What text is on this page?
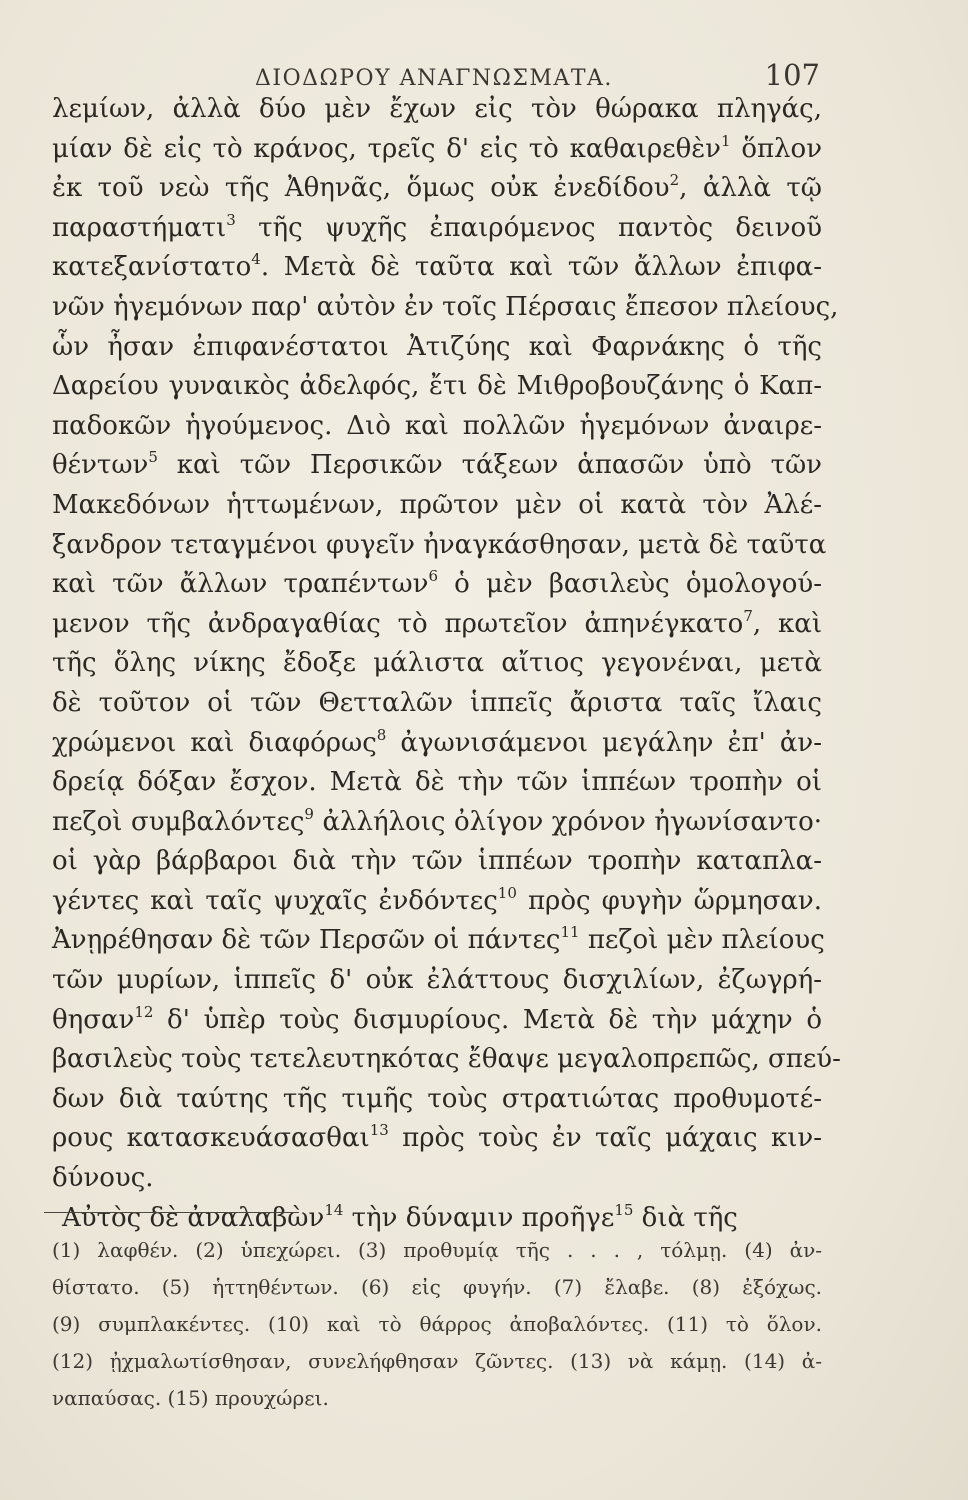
ΔΙΟΔΩΡΟΥ ΑΝΑΓΝΩΣΜΑΤΑ.	107
λεμίων, ἀλλὰ δύο μὲν ἔχων εἰς τὸν θώρακα πληγάς,
μίαν δὲ εἰς τὸ κράνος, τρεῖς δ' εἰς τὸ καθαιρεθὲν$^1$ ὅπλον
ἐκ τοῦ νεὼ τῆς Ἀθηνᾶς, ὅμως οὐκ ἐνεδίδου$^2$, ἀλλὰ τῷ
παραστήματι$^3$ τῆς ψυχῆς ἐπαιρόμενος παντὸς δεινοῦ
κατεξανίστατο$^4$. Μετὰ δὲ ταῦτα καὶ τῶν ἄλλων ἐπιφα-
νῶν ἡγεμόνων παρ' αὐτὸν ἐν τοῖς Πέρσαις ἔπεσον πλείους,
ὧν ἦσαν ἐπιφανέστατοι Ἀτιζύης καὶ Φαρνάκης ὁ τῆς
Δαρείου γυναικὸς ἀδελφός, ἔτι δὲ Μιθροβουζάνης ὁ Καπ-
παδοκῶν ἡγούμενος. Διὸ καὶ πολλῶν ἡγεμόνων ἀναιρε-
θέντων$^5$ καὶ τῶν Περσικῶν τάξεων ἁπασῶν ὑπὸ τῶν
Μακεδόνων ἡττωμένων, πρῶτον μὲν οἱ κατὰ τὸν Ἀλέ-
ξανδρον τεταγμένοι φυγεῖν ἠναγκάσθησαν, μετὰ δὲ ταῦτα
καὶ τῶν ἄλλων τραπέντων$^6$ ὁ μὲν βασιλεὺς ὁμολογού-
μενον τῆς ἀνδραγαθίας τὸ πρωτεῖον ἀπηνέγκατο$^7$, καὶ
τῆς ὅλης νίκης ἔδοξε μάλιστα αἴτιος γεγονέναι, μετὰ
δὲ τοῦτον οἱ τῶν Θετταλῶν ἱππεῖς ἄριστα ταῖς ἴλαις
χρώμενοι καὶ διαφόρως$^8$ ἀγωνισάμενοι μεγάλην ἐπ' ἀν-
δρείᾳ δόξαν ἔσχον. Μετὰ δὲ τὴν τῶν ἱππέων τροπὴν οἱ
πεζοὶ συμβαλόντες$^9$ ἀλλήλοις ὀλίγον χρόνον ἠγωνίσαντο·
οἱ γὰρ βάρβαροι διὰ τὴν τῶν ἱππέων τροπὴν καταπλα-
γέντες καὶ ταῖς ψυχαῖς ἐνδόντες$^{10}$ πρὸς φυγὴν ὥρμησαν.
Ἀνῃρέθησαν δὲ τῶν Περσῶν οἱ πάντες$^{11}$ πεζοὶ μὲν πλείους
τῶν μυρίων, ἱππεῖς δ' οὐκ ἐλάττους δισχιλίων, ἐζωγρή-
θησαν$^{12}$ δ' ὑπὲρ τοὺς δισμυρίους. Μετὰ δὲ τὴν μάχην ὁ
βασιλεὺς τοὺς τετελευτηκότας ἔθαψε μεγαλοπρεπῶς, σπεύ-
δων διὰ ταύτης τῆς τιμῆς τοὺς στρατιώτας προθυμοτέ-
ρους κατασκευάσασθαι$^{13}$ πρὸς τοὺς ἐν ταῖς μάχαις κιν-
δύνους.
Αὐτὸς δὲ ἀναλαβὼν$^{14}$ τὴν δύναμιν προῆγε$^{15}$ διὰ τῆς
(1) λαφθέν. (2) ὑπεχώρει. (3) προθυμίᾳ τῆς . . . , τόλμῃ. (4) ἀν-
θίστατο. (5) ἡττηθέντων. (6) εἰς φυγήν. (7) ἔλαβε. (8) ἐξόχως.
(9) συμπλακέντες. (10) καὶ τὸ θάρρος ἀποβαλόντες. (11) τὸ ὅλον.
(12) ᾐχμαλωτίσθησαν, συνελήφθησαν ζῶντες. (13) νὰ κάμῃ. (14) ἀ-
ναπαύσας. (15) προυχώρει.
